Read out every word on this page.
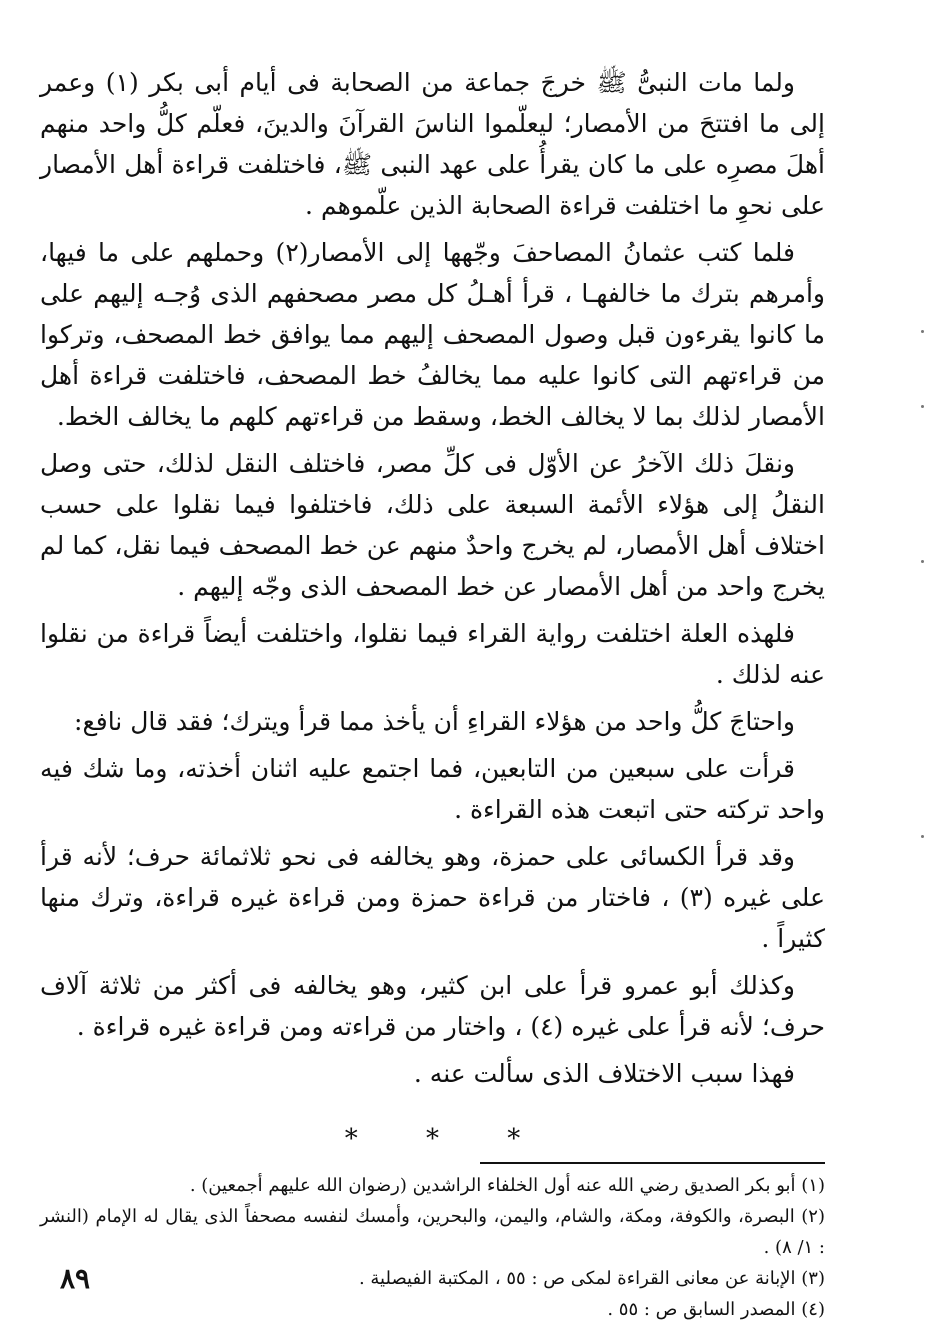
ولما مات النبىُّ ﷺ خرجَ جماعة من الصحابة فى أيام أبى بكر (١) وعمر إلى ما افتتحَ من الأمصار؛ ليعلّموا الناسَ القرآنَ والدينَ، فعلّم كلُّ واحد منهم أهلَ مصرِه على ما كان يقرأُ على عهد النبى ﷺ، فاختلفت قراءة أهل الأمصار على نحوِ ما اختلفت قراءة الصحابة الذين علّموهم .

فلما كتب عثمانُ المصاحفَ وجّهها إلى الأمصار(٢) وحملهم على ما فيها، وأمرهم بترك ما خالفهـا ، قرأ أهـلُ كل مصر مصحفهم الذى وُجـه إليهم على ما كانوا يقرءون قبل وصول المصحف إليهم مما يوافق خط المصحف، وتركوا من قراءتهم التى كانوا عليه مما يخالفُ خط المصحف، فاختلفت قراءة أهل الأمصار لذلك بما لا يخالف الخط، وسقط من قراءتهم كلهم ما يخالف الخط.

ونقلَ ذلك الآخرُ عن الأوّل فى كلِّ مصر، فاختلف النقل لذلك، حتى وصل النقلُ إلى هؤلاء الأئمة السبعة على ذلك، فاختلفوا فيما نقلوا على حسب اختلاف أهل الأمصار، لم يخرج واحدٌ منهم عن خط المصحف فيما نقل، كما لم يخرج واحد من أهل الأمصار عن خط المصحف الذى وجّه إليهم .

فلهذه العلة اختلفت رواية القراء فيما نقلوا، واختلفت أيضاً قراءة من نقلوا عنه لذلك .

واحتاجَ كلُّ واحد من هؤلاء القراءِ أن يأخذ مما قرأ ويترك؛ فقد قال نافع:

قرأت على سبعين من التابعين، فما اجتمع عليه اثنان أخذته، وما شك فيه واحد تركته حتى اتبعت هذه القراءة .

وقد قرأ الكسائى على حمزة، وهو يخالفه فى نحو ثلاثمائة حرف؛ لأنه قرأ على غيره (٣) ، فاختار من قراءة حمزة ومن قراءة غيره قراءة، وترك منها كثيراً .

وكذلك أبو عمرو قرأ على ابن كثير، وهو يخالفه فى أكثر من ثلاثة آلاف حرف؛ لأنه قرأ على غيره (٤) ، واختار من قراءته ومن قراءة غيره قراءة .

فهذا سبب الاختلاف الذى سألت عنه .

* * *

(١) أبو بكر الصديق رضي الله عنه أول الخلفاء الراشدين (رضوان الله عليهم أجمعين) .

(٢) البصرة، والكوفة، ومكة، والشام، واليمن، والبحرين، وأمسك لنفسه مصحفاً الذى يقال له الإمام (النشر : ١/ ٨) .

(٣) الإبانة عن معانى القراءة لمكى ص : ٥٥ ، المكتبة الفيصلية .

(٤) المصدر السابق ص : ٥٥ .

٨٩
